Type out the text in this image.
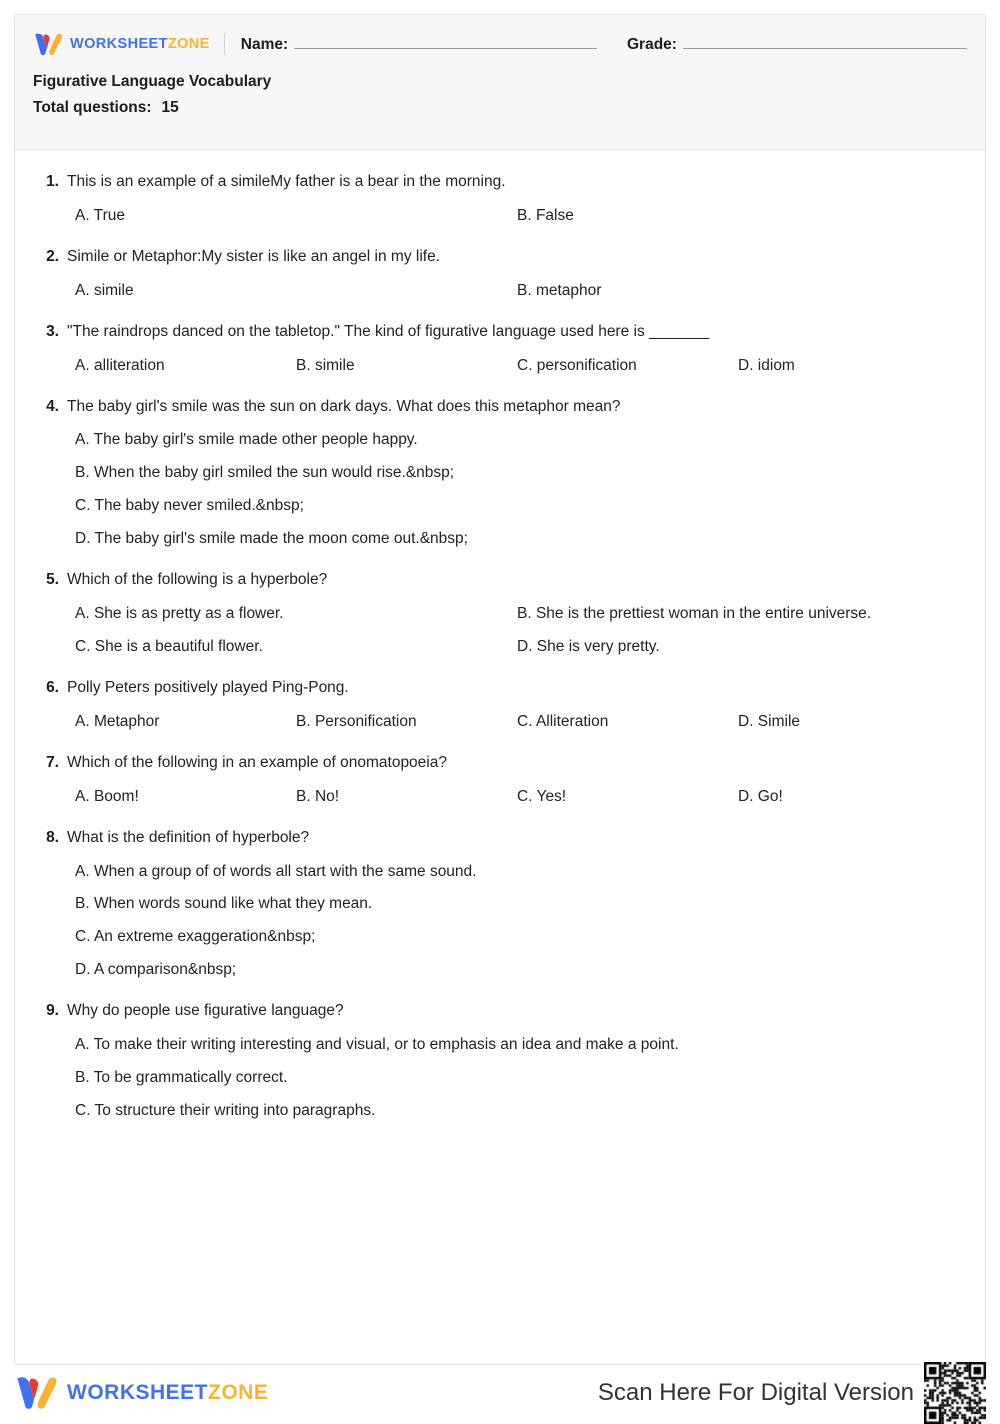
WORKSHEETZONE Name:	Grade:
Figurative Language Vocabulary
Total questions: 15
1. This is an example of a simileMy father is a bear in the morning.
A. True	B. False
2. Simile or Metaphor:My sister is like an angel in my life.
A. simile	B. metaphor
3. "The raindrops danced on the tabletop." The kind of figurative language used here is _______
A. alliteration	B. simile	C. personification	D. idiom
4. The baby girl's smile was the sun on dark days. What does this metaphor mean?
A. The baby girl's smile made other people happy.
B. When the baby girl smiled the sun would rise.&nbsp;
C. The baby never smiled.&nbsp;
D. The baby girl's smile made the moon come out.&nbsp;
5. Which of the following is a hyperbole?
A. She is as pretty as a flower.	B. She is the prettiest woman in the entire universe.
C. She is a beautiful flower.	D. She is very pretty.
6. Polly Peters positively played Ping-Pong.
A. Metaphor	B. Personification	C. Alliteration	D. Simile
7. Which of the following in an example of onomatopoeia?
A. Boom!	B. No!	C. Yes!	D. Go!
8. What is the definition of hyperbole?
A. When a group of of words all start with the same sound.
B. When words sound like what they mean.
C. An extreme exaggeration&nbsp;
D. A comparison&nbsp;
9. Why do people use figurative language?
A. To make their writing interesting and visual, or to emphasis an idea and make a point.
B. To be grammatically correct.
C. To structure their writing into paragraphs.
WORKSHEETZONE	Scan Here For Digital Version
